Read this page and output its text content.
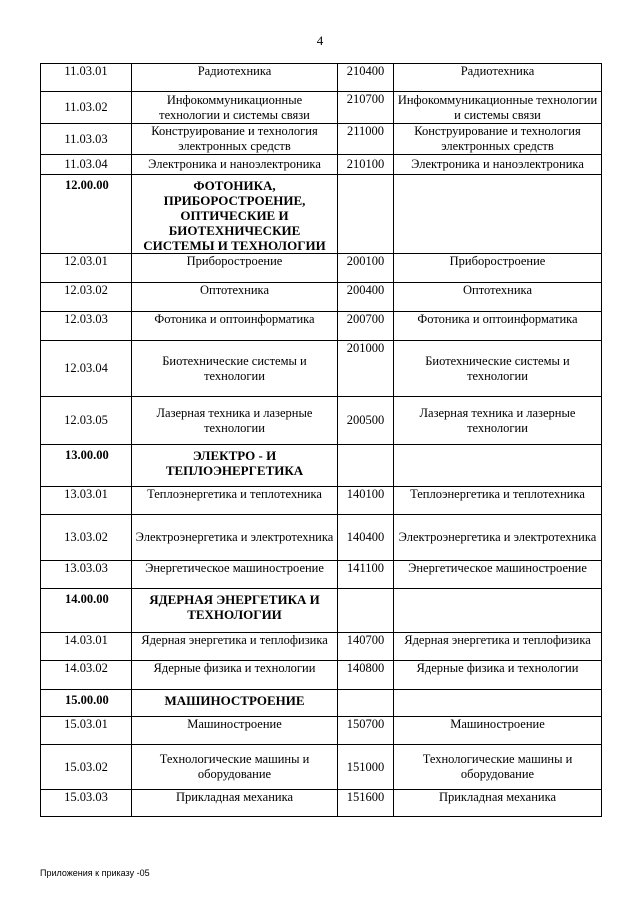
4
11.03.01	Радиотехника	210400	Радиотехника
11.03.02	Инфокоммуникационные технологии и системы связи	210700	Инфокоммуникационные технологии и системы связи
11.03.03	Конструирование и технология электронных средств	211000	Конструирование и технология электронных средств
11.03.04	Электроника и наноэлектроника	210100	Электроника и наноэлектроника
12.00.00	ФОТОНИКА, ПРИБОРОСТРОЕНИЕ, ОПТИЧЕСКИЕ И БИОТЕХНИЧЕСКИЕ СИСТЕМЫ И ТЕХНОЛОГИИ		
12.03.01	Приборостроение	200100	Приборостроение
12.03.02	Оптотехника	200400	Оптотехника
12.03.03	Фотоника и оптоинформатика	200700	Фотоника и оптоинформатика
12.03.04	Биотехнические системы и технологии	201000	Биотехнические системы и технологии
12.03.05	Лазерная техника и лазерные технологии	200500	Лазерная техника и лазерные технологии
13.00.00	ЭЛЕКТРО - И ТЕПЛОЭНЕРГЕТИКА		
13.03.01	Теплоэнергетика и теплотехника	140100	Теплоэнергетика и теплотехника
13.03.02	Электроэнергетика и электротехника	140400	Электроэнергетика и электротехника
13.03.03	Энергетическое машиностроение	141100	Энергетическое машиностроение
14.00.00	ЯДЕРНАЯ ЭНЕРГЕТИКА И ТЕХНОЛОГИИ		
14.03.01	Ядерная энергетика и теплофизика	140700	Ядерная энергетика и теплофизика
14.03.02	Ядерные физика и технологии	140800	Ядерные физика и технологии
15.00.00	МАШИНОСТРОЕНИЕ		
15.03.01	Машиностроение	150700	Машиностроение
15.03.02	Технологические машины и оборудование	151000	Технологические машины и оборудование
15.03.03	Прикладная механика	151600	Прикладная механика
Приложения к приказу -05
